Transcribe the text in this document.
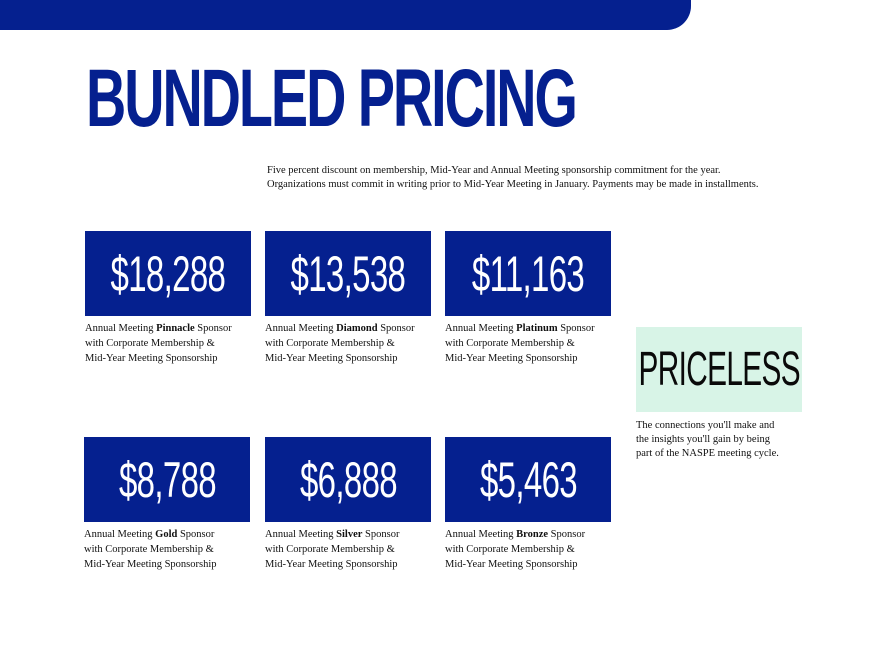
BUNDLED PRICING

Five percent discount on membership, Mid-Year and Annual Meeting sponsorship commitment for the year.
Organizations must commit in writing prior to Mid-Year Meeting in January. Payments may be made in installments.

$18,288
Annual Meeting Pinnacle Sponsor
with Corporate Membership &
Mid-Year Meeting Sponsorship
$13,538
Annual Meeting Diamond Sponsor
with Corporate Membership &
Mid-Year Meeting Sponsorship
$11,163
Annual Meeting Platinum Sponsor
with Corporate Membership &
Mid-Year Meeting Sponsorship
$8,788
Annual Meeting Gold Sponsor
with Corporate Membership &
Mid-Year Meeting Sponsorship
$6,888
Annual Meeting Silver Sponsor
with Corporate Membership &
Mid-Year Meeting Sponsorship
$5,463
Annual Meeting Bronze Sponsor
with Corporate Membership &
Mid-Year Meeting Sponsorship
PRICELESS

The connections you'll make and
the insights you'll gain by being
part of the NASPE meeting cycle.
